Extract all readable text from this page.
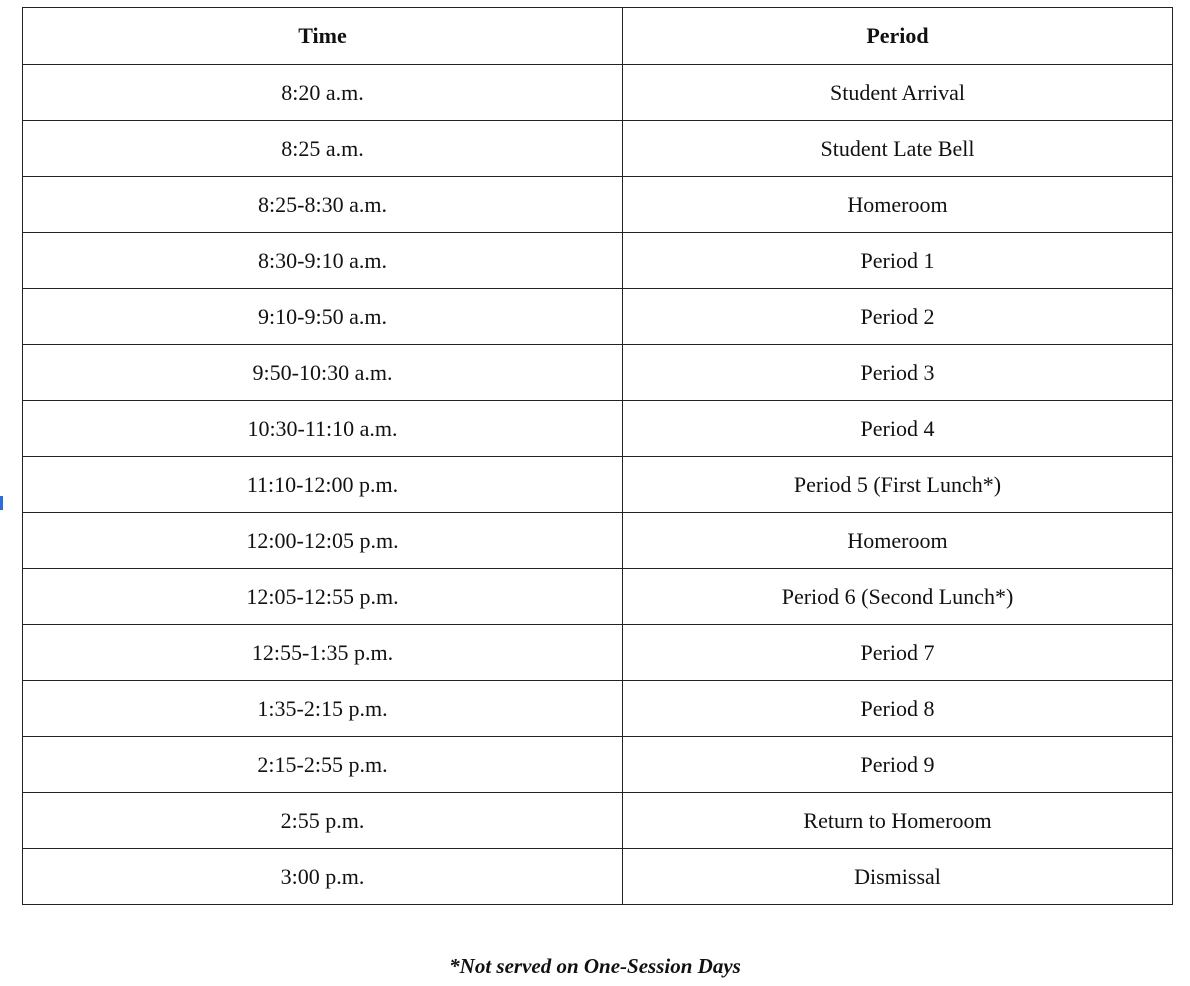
Time	Period
8:20 a.m.	Student Arrival
8:25 a.m.	Student Late Bell
8:25-8:30 a.m.	Homeroom
8:30-9:10 a.m.	Period 1
9:10-9:50 a.m.	Period 2
9:50-10:30 a.m.	Period 3
10:30-11:10 a.m.	Period 4
11:10-12:00 p.m.	Period 5 (First Lunch*)
12:00-12:05 p.m.	Homeroom
12:05-12:55 p.m.	Period 6 (Second Lunch*)
12:55-1:35 p.m.	Period 7
1:35-2:15 p.m.	Period 8
2:15-2:55 p.m.	Period 9
2:55 p.m.	Return to Homeroom
3:00 p.m.	Dismissal
*Not served on One-Session Days
